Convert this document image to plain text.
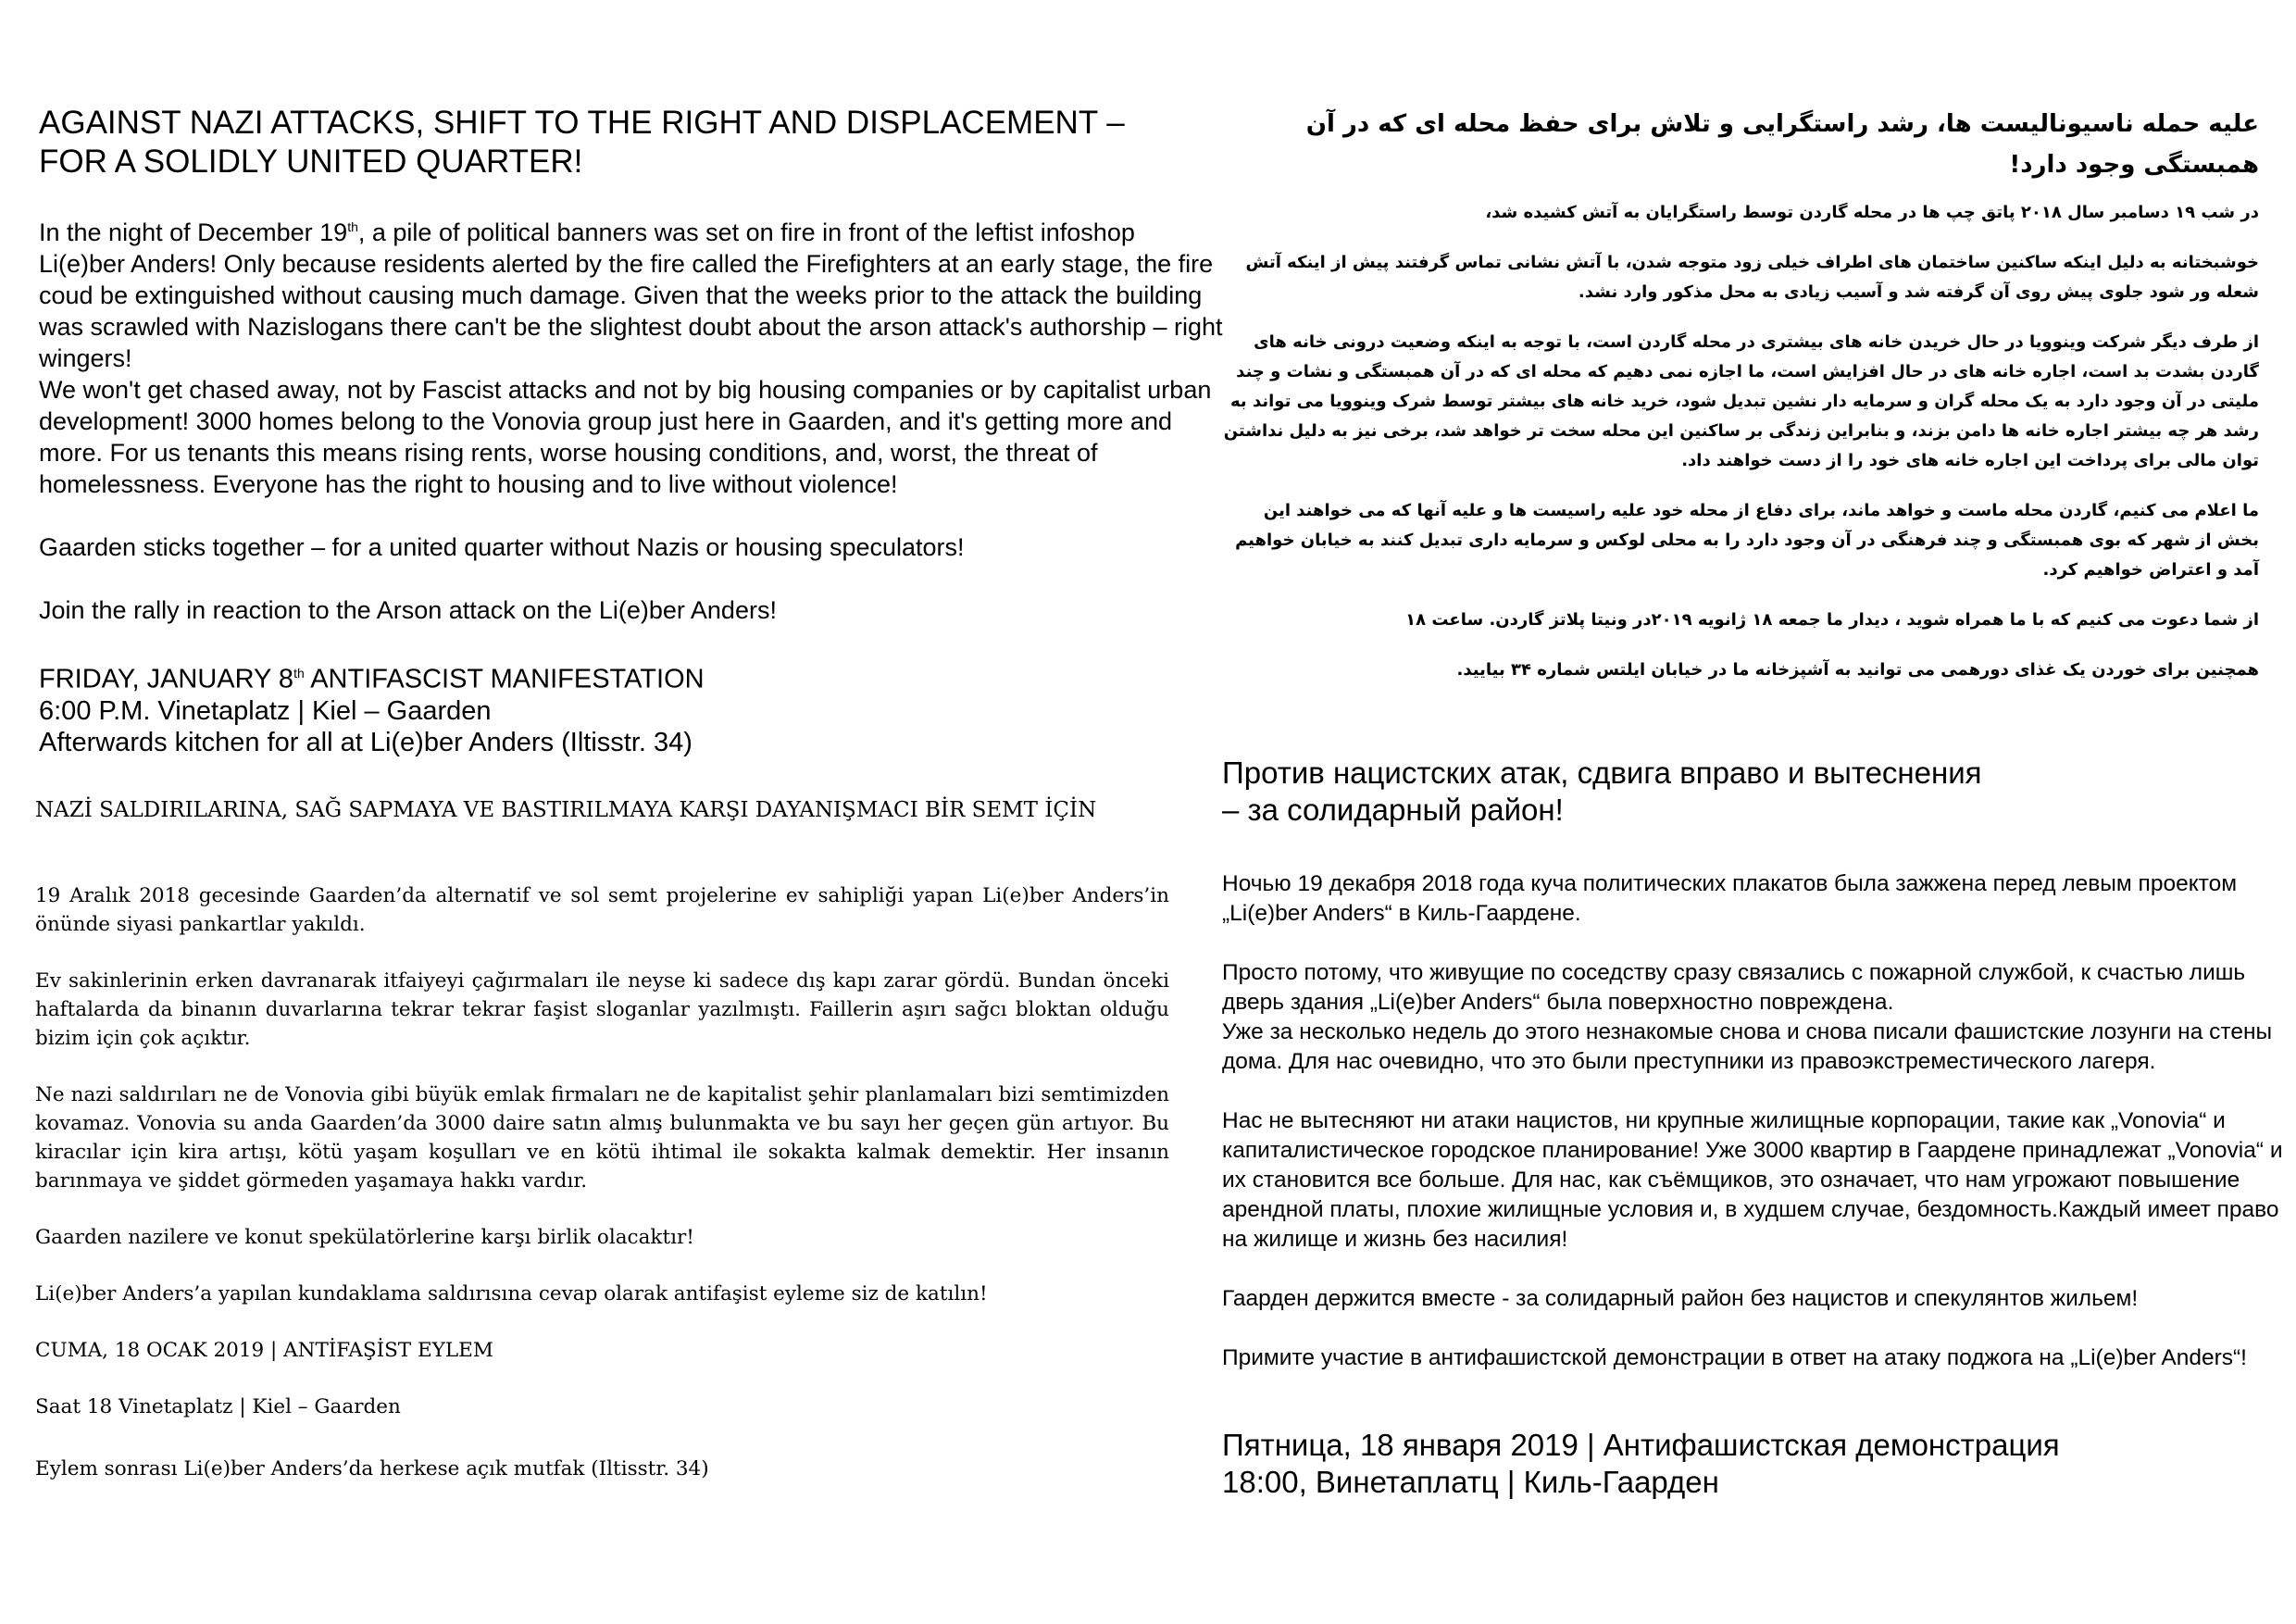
AGAINST NAZI ATTACKS, SHIFT TO THE RIGHT AND DISPLACEMENT –
FOR A SOLIDLY UNITED QUARTER!

In the night of December 19th, a pile of political banners was set on fire in front of the leftist infoshop Li(e)ber Anders! Only because residents alerted by the fire called the Firefighters at an early stage, the fire coud be extinguished without causing much damage. Given that the weeks prior to the attack the building was scrawled with Nazislogans there can't be the slightest doubt about the arson attack's authorship – right wingers!

We won't get chased away, not by Fascist attacks and not by big housing companies or by capitalist urban development! 3000 homes belong to the Vonovia group just here in Gaarden, and it's getting more and more. For us tenants this means rising rents, worse housing conditions, and, worst, the threat of homelessness. Everyone has the right to housing and to live without violence!

Gaarden sticks together – for a united quarter without Nazis or housing speculators!

Join the rally in reaction to the Arson attack on the Li(e)ber Anders!

FRIDAY, JANUARY 8th ANTIFASCIST MANIFESTATION

6:00 P.M. Vinetaplatz | Kiel – Gaarden

Afterwards kitchen for all at Li(e)ber Anders (Iltisstr. 34)

NAZİ SALDIRILARINA, SAĞ SAPMAYA VE BASTIRILMAYA KARŞI DAYANIŞMACI BİR SEMT İÇİN

19 Aralık 2018 gecesinde Gaarden’da alternatif ve sol semt projelerine ev sahipliği yapan Li(e)ber Anders’in önünde siyasi pankartlar yakıldı.

Ev sakinlerinin erken davranarak itfaiyeyi çağırmaları ile neyse ki sadece dış kapı zarar gördü. Bundan önceki haftalarda da binanın duvarlarına tekrar tekrar faşist sloganlar yazılmıştı. Faillerin aşırı sağcı bloktan olduğu bizim için çok açıktır.

Ne nazi saldırıları ne de Vonovia gibi büyük emlak firmaları ne de kapitalist şehir planlamaları bizi semtimizden kovamaz. Vonovia su anda Gaarden’da 3000 daire satın almış bulunmakta ve bu sayı her geçen gün artıyor. Bu kiracılar için kira artışı, kötü yaşam koşulları ve en kötü ihtimal ile sokakta kalmak demektir. Her insanın barınmaya ve şiddet görmeden yaşamaya hakkı vardır.

Gaarden nazilere ve konut spekülatörlerine karşı birlik olacaktır!

Li(e)ber Anders’a yapılan kundaklama saldırısına cevap olarak antifaşist eyleme siz de katılın!

CUMA, 18 OCAK 2019 | ANTİFAŞİST EYLEM

Saat 18 Vinetaplatz | Kiel – Gaarden

Eylem sonrası Li(e)ber Anders’da herkese açık mutfak (Iltisstr. 34)

علیه حمله ناسیونالیست ها، رشد راستگرایی و تلاش برای حفظ محله ای که در آن همبستگی وجود دارد!

در شب ۱۹ دسامبر سال ۲۰۱۸ پاتق چپ ها در محله گاردن توسط راستگرایان به آتش کشیده شد،

خوشبختانه به دلیل اینکه ساکنین ساختمان های اطراف خیلی زود متوجه شدن، با آتش نشانی تماس گرفتند پیش از اینکه آتش شعله ور شود جلوی پیش روی آن گرفته شد و آسیب زیادی به محل مذکور وارد نشد.

از طرف دیگر شرکت وینوویا در حال خریدن خانه های بیشتری در محله گاردن است، با توجه به اینکه وضعیت درونی خانه های گاردن بشدت بد است، اجاره خانه های در حال افزایش است، ما اجازه نمی دهیم که محله ای که در آن همبستگی و نشات و چند ملیتی در آن وجود دارد به یک محله گران و سرمایه دار نشین تبدیل شود، خرید خانه های بیشتر توسط شرک وینوویا می تواند به رشد هر چه بیشتر اجاره خانه ها دامن بزند، و بنابراین زندگی بر ساکنین این محله سخت تر خواهد شد، برخی نیز به دلیل نداشتن توان مالی برای پرداخت این اجاره خانه های خود را از دست خواهند داد.

ما اعلام می کنیم، گاردن محله ماست و خواهد ماند، برای دفاع از محله خود علیه راسیست ها و علیه آنها که می خواهند این بخش از شهر که بوی همبستگی و چند فرهنگی در آن وجود دارد را به محلی لوکس و سرمایه داری تبدیل کنند به خیابان خواهیم آمد و اعتراض خواهیم کرد.

از شما دعوت می کنیم که با ما همراه شوید ، دیدار ما جمعه ۱۸ ژانویه ۲۰۱۹در ونیتا پلاتز گاردن. ساعت ۱۸

همچنین برای خوردن یک غذای دورهمی می توانید به آشپزخانه ما در خیابان ایلتس شماره ۳۴ بیایید.

Против нацистских атак, сдвига вправо и вытеснения
– за солидарный район!

Ночью 19 декабря 2018 года куча политических плакатов была зажжена перед левым проектом „Li(e)ber Anders“ в Киль-Гаардене.

Просто потому, что живущие по соседству сразу связались с пожарной службой, к счастью лишь дверь здания „Li(e)ber Anders“ была поверхностно повреждена.

Уже за несколько недель до этого незнакомые снова и снова писали фашистские лозунги на стены дома. Для нас очевидно, что это были преступники из правоэкстремеcтического лагеря.

Нас не вытесняют ни атаки нацистов, ни крупные жилищные корпорации, такие как „Vonovia“ и капиталистическое городское планирование! Уже 3000 квартир в Гаардене принадлежат „Vonovia“ и их становится все больше. Для нас, как съёмщиков, это означает, что нам угрожают повышение арендной платы, плохие жилищные условия и, в худшем случае, бездомность.Каждый имеет право на жилище и жизнь без насилия!

Гаарден держится вместе - за солидарный район без нацистов и спекулянтов жильем!

Примите участие в антифашистской демонстрации в ответ на атаку поджога на „Li(e)ber Anders“!

Пятница, 18 января 2019 | Антифашистская демонстрация
18:00, Винетаплатц | Киль-Гаарден
